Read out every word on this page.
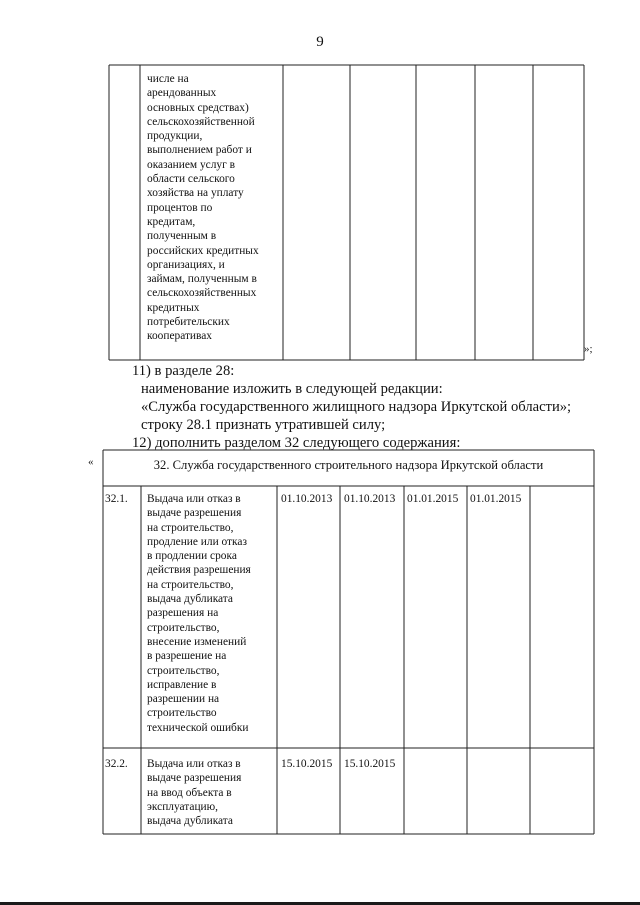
9
числе на
арендованных
основных средствах)
сельскохозяйственной
продукции,
выполнением работ и
оказанием услуг в
области сельского
хозяйства на уплату
процентов по
кредитам,
полученным в
российских кредитных
организациях, и
займам, полученным в
сельскохозяйственных
кредитных
потребительских
кооперативах
»;
11) в разделе 28:
наименование изложить в следующей редакции:
«Служба государственного жилищного надзора Иркутской области»;
строку 28.1 признать утратившей силу;
12) дополнить разделом 32 следующего содержания:
«	32. Служба государственного строительного надзора Иркутской области
32.1. Выдача или отказ в
выдаче разрешения
на строительство,
продление или отказ
в продлении срока
действия разрешения
на строительство,
выдача дубликата
разрешения на
строительство,
внесение изменений
в разрешение на
строительство,
исправление в
разрешении на
строительство
технической ошибки
01.10.2013 01.10.2013 01.01.2015 01.01.2015
32.2. Выдача или отказ в
выдаче разрешения
на ввод объекта в
эксплуатацию,
выдача дубликата
15.10.2015 15.10.2015
